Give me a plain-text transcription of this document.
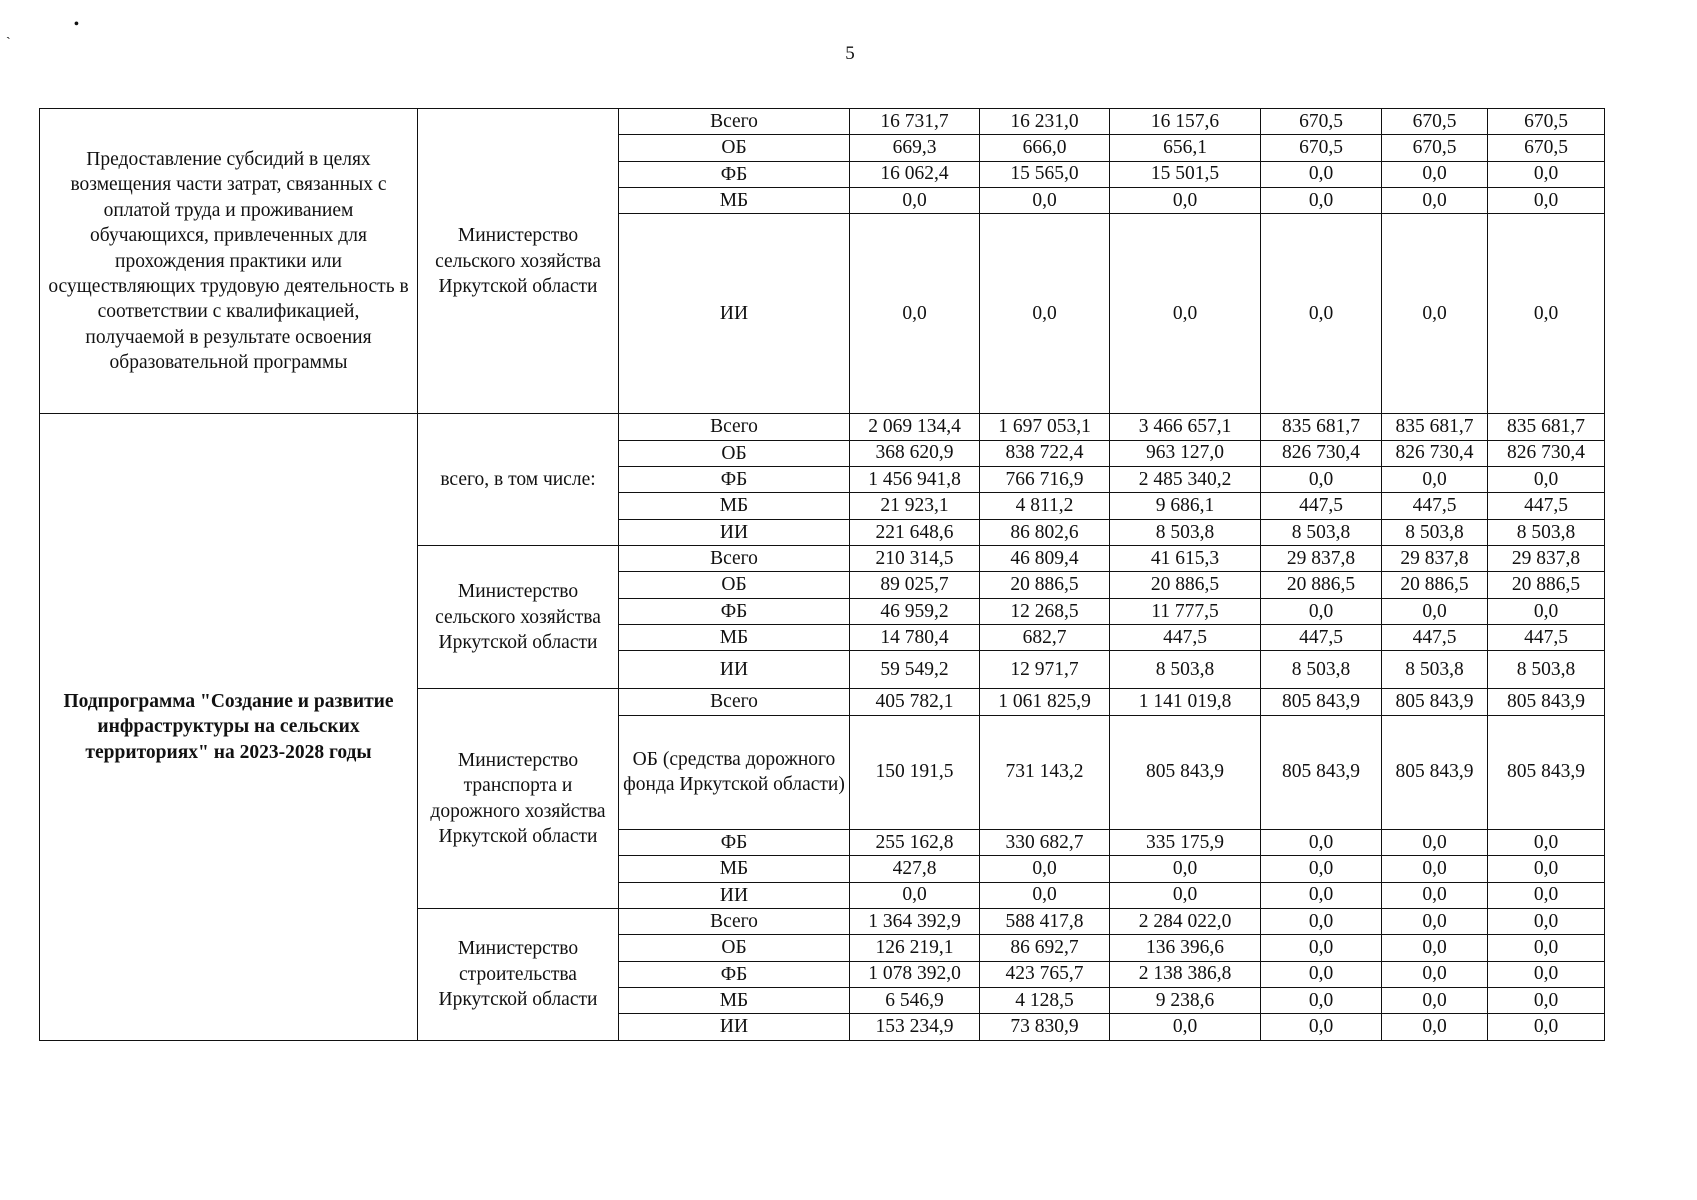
ˎ
•
5
Предоставление субсидий в целях возмещения части затрат, связанных с оплатой труда и проживанием обучающихся, привлеченных для прохождения практики или осуществляющих трудовую деятельность в соответствии с квалификацией, получаемой в результате освоения образовательной программы	Министерство сельского хозяйства Иркутской области	Всего	16 731,7	16 231,0	16 157,6	670,5	670,5	670,5
		ОБ	669,3	666,0	656,1	670,5	670,5	670,5
		ФБ	16 062,4	15 565,0	15 501,5	0,0	0,0	0,0
		МБ	0,0	0,0	0,0	0,0	0,0	0,0
		ИИ	0,0	0,0	0,0	0,0	0,0	0,0
Подпрограмма "Создание и развитие инфраструктуры на сельских территориях" на 2023-2028 годы	всего, в том числе:	Всего	2 069 134,4	1 697 053,1	3 466 657,1	835 681,7	835 681,7	835 681,7
		ОБ	368 620,9	838 722,4	963 127,0	826 730,4	826 730,4	826 730,4
		ФБ	1 456 941,8	766 716,9	2 485 340,2	0,0	0,0	0,0
		МБ	21 923,1	4 811,2	9 686,1	447,5	447,5	447,5
		ИИ	221 648,6	86 802,6	8 503,8	8 503,8	8 503,8	8 503,8
	Министерство сельского хозяйства Иркутской области	Всего	210 314,5	46 809,4	41 615,3	29 837,8	29 837,8	29 837,8
		ОБ	89 025,7	20 886,5	20 886,5	20 886,5	20 886,5	20 886,5
		ФБ	46 959,2	12 268,5	11 777,5	0,0	0,0	0,0
		МБ	14 780,4	682,7	447,5	447,5	447,5	447,5
		ИИ	59 549,2	12 971,7	8 503,8	8 503,8	8 503,8	8 503,8
	Министерство транспорта и дорожного хозяйства Иркутской области	Всего	405 782,1	1 061 825,9	1 141 019,8	805 843,9	805 843,9	805 843,9
		ОБ (средства дорожного фонда Иркутской области)	150 191,5	731 143,2	805 843,9	805 843,9	805 843,9	805 843,9
		ФБ	255 162,8	330 682,7	335 175,9	0,0	0,0	0,0
		МБ	427,8	0,0	0,0	0,0	0,0	0,0
		ИИ	0,0	0,0	0,0	0,0	0,0	0,0
	Министерство строительства Иркутской области	Всего	1 364 392,9	588 417,8	2 284 022,0	0,0	0,0	0,0
		ОБ	126 219,1	86 692,7	136 396,6	0,0	0,0	0,0
		ФБ	1 078 392,0	423 765,7	2 138 386,8	0,0	0,0	0,0
		МБ	6 546,9	4 128,5	9 238,6	0,0	0,0	0,0
		ИИ	153 234,9	73 830,9	0,0	0,0	0,0	0,0
